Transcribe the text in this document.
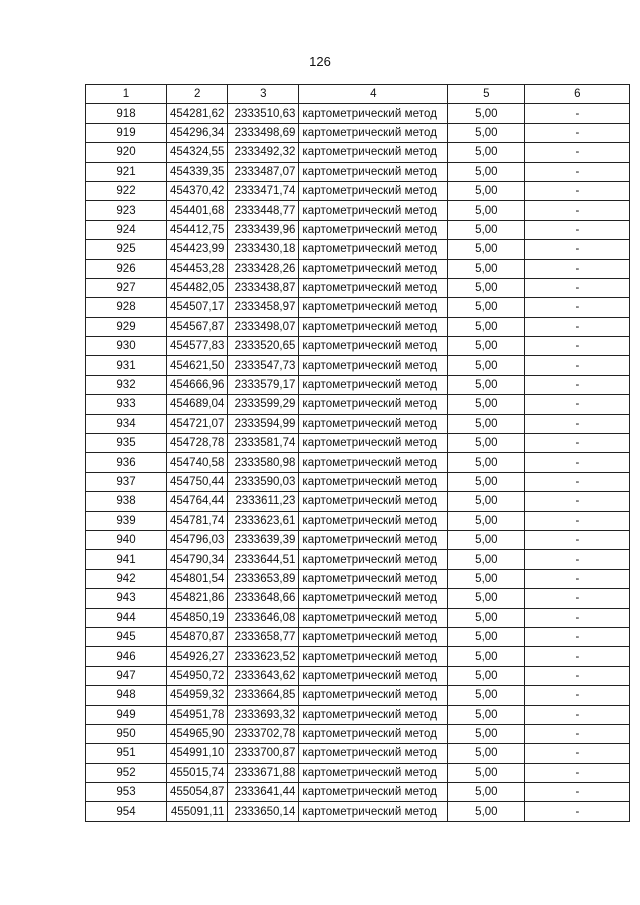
126
1	2	3	4	5	6
918	454281,62	2333510,63	картометрический метод	5,00	-
919	454296,34	2333498,69	картометрический метод	5,00	-
920	454324,55	2333492,32	картометрический метод	5,00	-
921	454339,35	2333487,07	картометрический метод	5,00	-
922	454370,42	2333471,74	картометрический метод	5,00	-
923	454401,68	2333448,77	картометрический метод	5,00	-
924	454412,75	2333439,96	картометрический метод	5,00	-
925	454423,99	2333430,18	картометрический метод	5,00	-
926	454453,28	2333428,26	картометрический метод	5,00	-
927	454482,05	2333438,87	картометрический метод	5,00	-
928	454507,17	2333458,97	картометрический метод	5,00	-
929	454567,87	2333498,07	картометрический метод	5,00	-
930	454577,83	2333520,65	картометрический метод	5,00	-
931	454621,50	2333547,73	картометрический метод	5,00	-
932	454666,96	2333579,17	картометрический метод	5,00	-
933	454689,04	2333599,29	картометрический метод	5,00	-
934	454721,07	2333594,99	картометрический метод	5,00	-
935	454728,78	2333581,74	картометрический метод	5,00	-
936	454740,58	2333580,98	картометрический метод	5,00	-
937	454750,44	2333590,03	картометрический метод	5,00	-
938	454764,44	2333611,23	картометрический метод	5,00	-
939	454781,74	2333623,61	картометрический метод	5,00	-
940	454796,03	2333639,39	картометрический метод	5,00	-
941	454790,34	2333644,51	картометрический метод	5,00	-
942	454801,54	2333653,89	картометрический метод	5,00	-
943	454821,86	2333648,66	картометрический метод	5,00	-
944	454850,19	2333646,08	картометрический метод	5,00	-
945	454870,87	2333658,77	картометрический метод	5,00	-
946	454926,27	2333623,52	картометрический метод	5,00	-
947	454950,72	2333643,62	картометрический метод	5,00	-
948	454959,32	2333664,85	картометрический метод	5,00	-
949	454951,78	2333693,32	картометрический метод	5,00	-
950	454965,90	2333702,78	картометрический метод	5,00	-
951	454991,10	2333700,87	картометрический метод	5,00	-
952	455015,74	2333671,88	картометрический метод	5,00	-
953	455054,87	2333641,44	картометрический метод	5,00	-
954	455091,11	2333650,14	картометрический метод	5,00	-
